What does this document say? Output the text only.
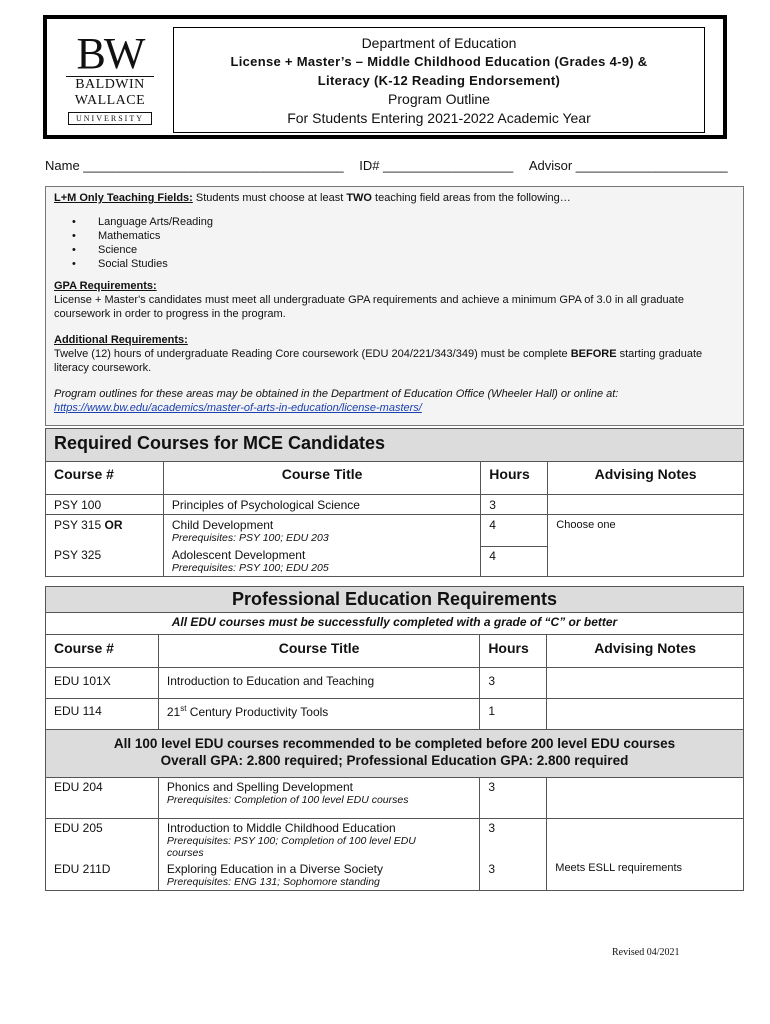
BW
BALDWIN
WALLACE
UNIVERSITY
Department of Education
License + Master’s – Middle Childhood Education (Grades 4-9) &
Literacy (K-12 Reading Endorsement)
Program Outline
For Students Entering 2021-2022 Academic Year
Name ____________________________________ ID# __________________ Advisor _____________________

L+M Only Teaching Fields: Students must choose at least TWO teaching field areas from the following…

• Language Arts/Reading
• Mathematics
• Science
• Social Studies

GPA Requirements:

License + Master's candidates must meet all undergraduate GPA requirements and achieve a minimum GPA of 3.0 in all graduate coursework in order to progress in the program.

Additional Requirements:

Twelve (12) hours of undergraduate Reading Core coursework (EDU 204/221/343/349) must be complete BEFORE starting graduate literacy coursework.

Program outlines for these areas may be obtained in the Department of Education Office (Wheeler Hall) or online at:

https://www.bw.edu/academics/master-of-arts-in-education/license-masters/

Required Courses for MCE Candidates			
Course #	Course Title	Hours	Advising Notes
PSY 100	Principles of Psychological Science	3	
PSY 315 OR	Child Development
Prerequisites: PSY 100; EDU 203	4	Choose one
PSY 325	Adolescent Development
Prerequisites: PSY 100; EDU 205	4	
Professional Education Requirements			
All EDU courses must be successfully completed with a grade of “C” or better			
Course #	Course Title	Hours	Advising Notes
EDU 101X	Introduction to Education and Teaching	3	
EDU 114	21st Century Productivity Tools	1	

All 100 level EDU courses recommended to be completed before 200 level EDU courses
Overall GPA: 2.800 required; Professional Education GPA: 2.800 required			

EDU 204	Phonics and Spelling Development
Prerequisites: Completion of 100 level EDU courses	3	
EDU 205	Introduction to Middle Childhood Education
Prerequisites: PSY 100; Completion of 100 level EDU courses	3	
EDU 211D	Exploring Education in a Diverse Society
Prerequisites: ENG 131; Sophomore standing	3	Meets ESLL requirements
Revised 04/2021
